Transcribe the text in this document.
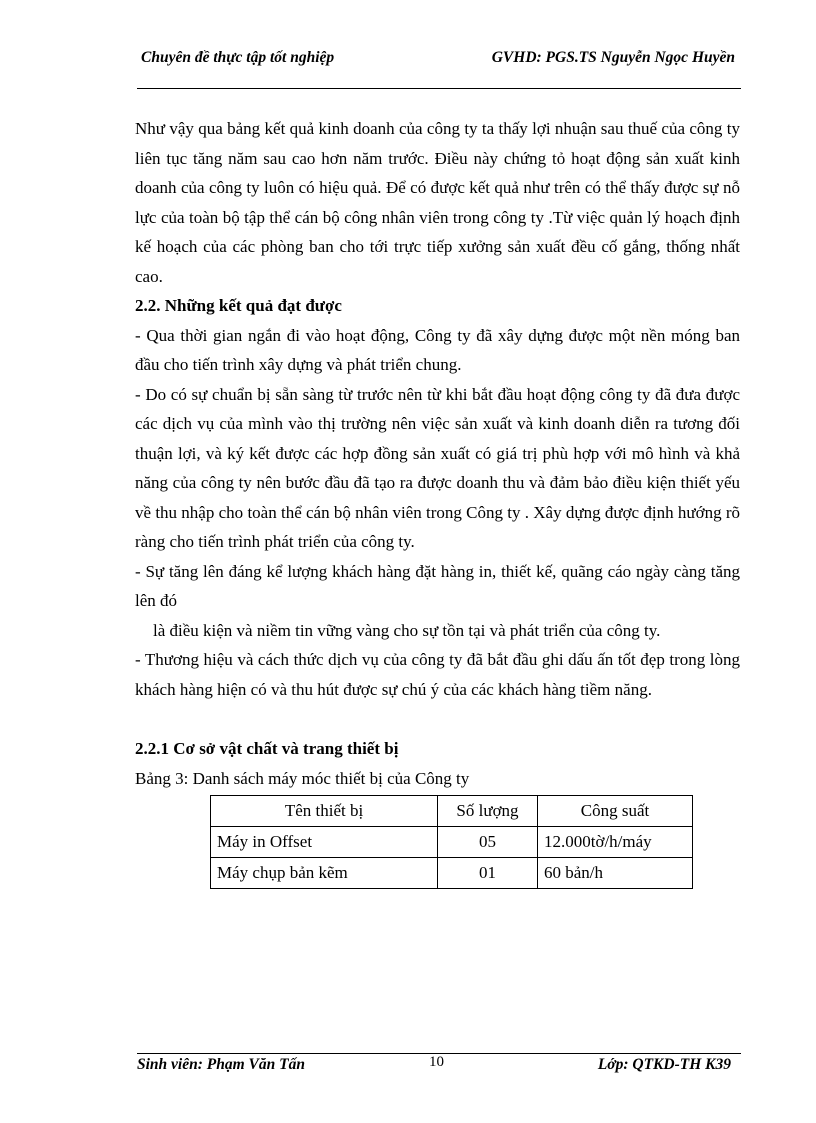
Chuyên đề thực tập tốt nghiệp	GVHD: PGS.TS Nguyễn Ngọc Huyền

Như vậy qua bảng kết quả kinh doanh của công ty ta thấy lợi nhuận sau thuế của công ty liên tục tăng năm sau cao hơn năm trước. Điều này chứng tỏ hoạt động sản xuất kinh doanh của công ty luôn có hiệu quả. Để có được kết quả như trên có thể thấy được sự nỗ lực của toàn bộ tập thể cán bộ công nhân viên trong công ty .Từ việc quản lý hoạch định kế hoạch của các phòng ban cho tới trực tiếp xưởng sản xuất đều cố gắng, thống nhất cao.

2.2. Những kết quả đạt được

- Qua thời gian ngắn đi vào hoạt động, Công ty đã xây dựng được một nền móng ban đầu cho tiến trình xây dựng và phát triển chung.

- Do có sự chuẩn bị sẵn sàng từ trước nên từ khi bắt đầu hoạt động công ty đã đưa được các dịch vụ của mình vào thị trường nên việc sản xuất và kinh doanh diễn ra tương đối thuận lợi, và ký kết được các hợp đồng sản xuất có giá trị phù hợp với mô hình và khả năng của công ty nên bước đầu đã tạo ra được doanh thu và đảm bảo điều kiện thiết yếu về thu nhập cho toàn thể cán bộ nhân viên trong Công ty . Xây dựng được định hướng rõ ràng cho tiến trình phát triển của công ty.

- Sự tăng lên đáng kể lượng khách hàng đặt hàng in, thiết kế, quãng cáo ngày càng tăng lên đó

là điều kiện và niềm tin vững vàng cho sự tồn tại và phát triển của công ty.

- Thương hiệu và cách thức dịch vụ của công ty đã bắt đầu ghi dấu ấn tốt đẹp trong lòng khách hàng hiện có và thu hút được sự chú ý của các khách hàng tiềm năng.

2.2.1 Cơ sở vật chất và trang thiết bị

Bảng 3: Danh sách máy móc thiết bị của Công ty

Tên thiết bị	Số lượng	Công suất
Máy in Offset	05	12.000tờ/h/máy
Máy chụp bản kẽm	01	60 bản/h
Sinh viên: Phạm Văn Tấn	10	Lớp: QTKD-TH K39
